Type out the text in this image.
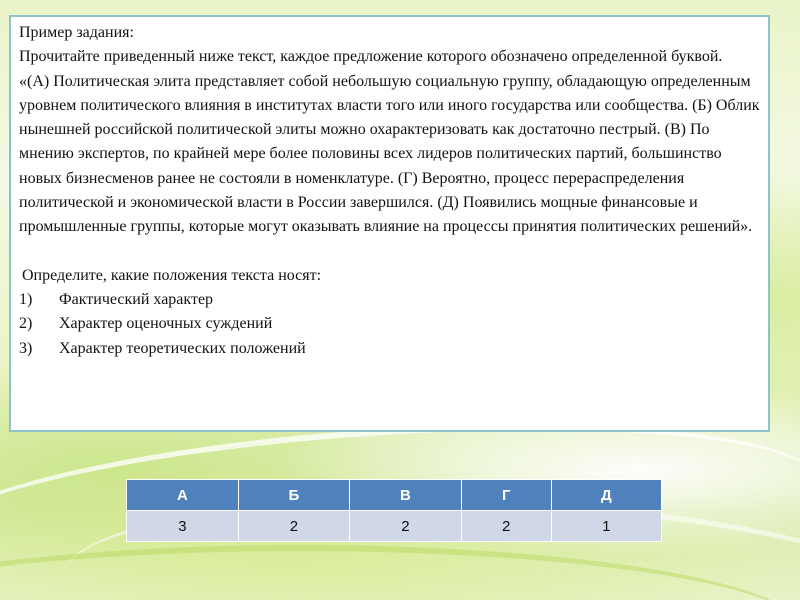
Пример задания:

Прочитайте приведенный ниже текст, каждое предложение которого обозначено определенной буквой.

«(А) Политическая элита представляет собой небольшую социальную группу, обладающую определенным уровнем политического влияния в институтах власти того или иного государства или сообщества. (Б) Облик нынешней российской политической элиты можно охарактеризовать как достаточно пестрый. (В) По мнению экспертов, по крайней мере более половины всех лидеров политических партий, большинство новых бизнесменов ранее не состояли в номенклатуре. (Г) Вероятно, процесс перераспределения политической и экономической власти в России завершился. (Д) Появились мощные финансовые и промышленные группы, которые могут оказывать влияние на процессы принятия политических решений».

Определите, какие положения текста носят:

1)	Фактический характер
2)	Характер оценочных суждений
3)	Характер теоретических положений
А	Б	В	Г	Д
3	2	2	2	1
